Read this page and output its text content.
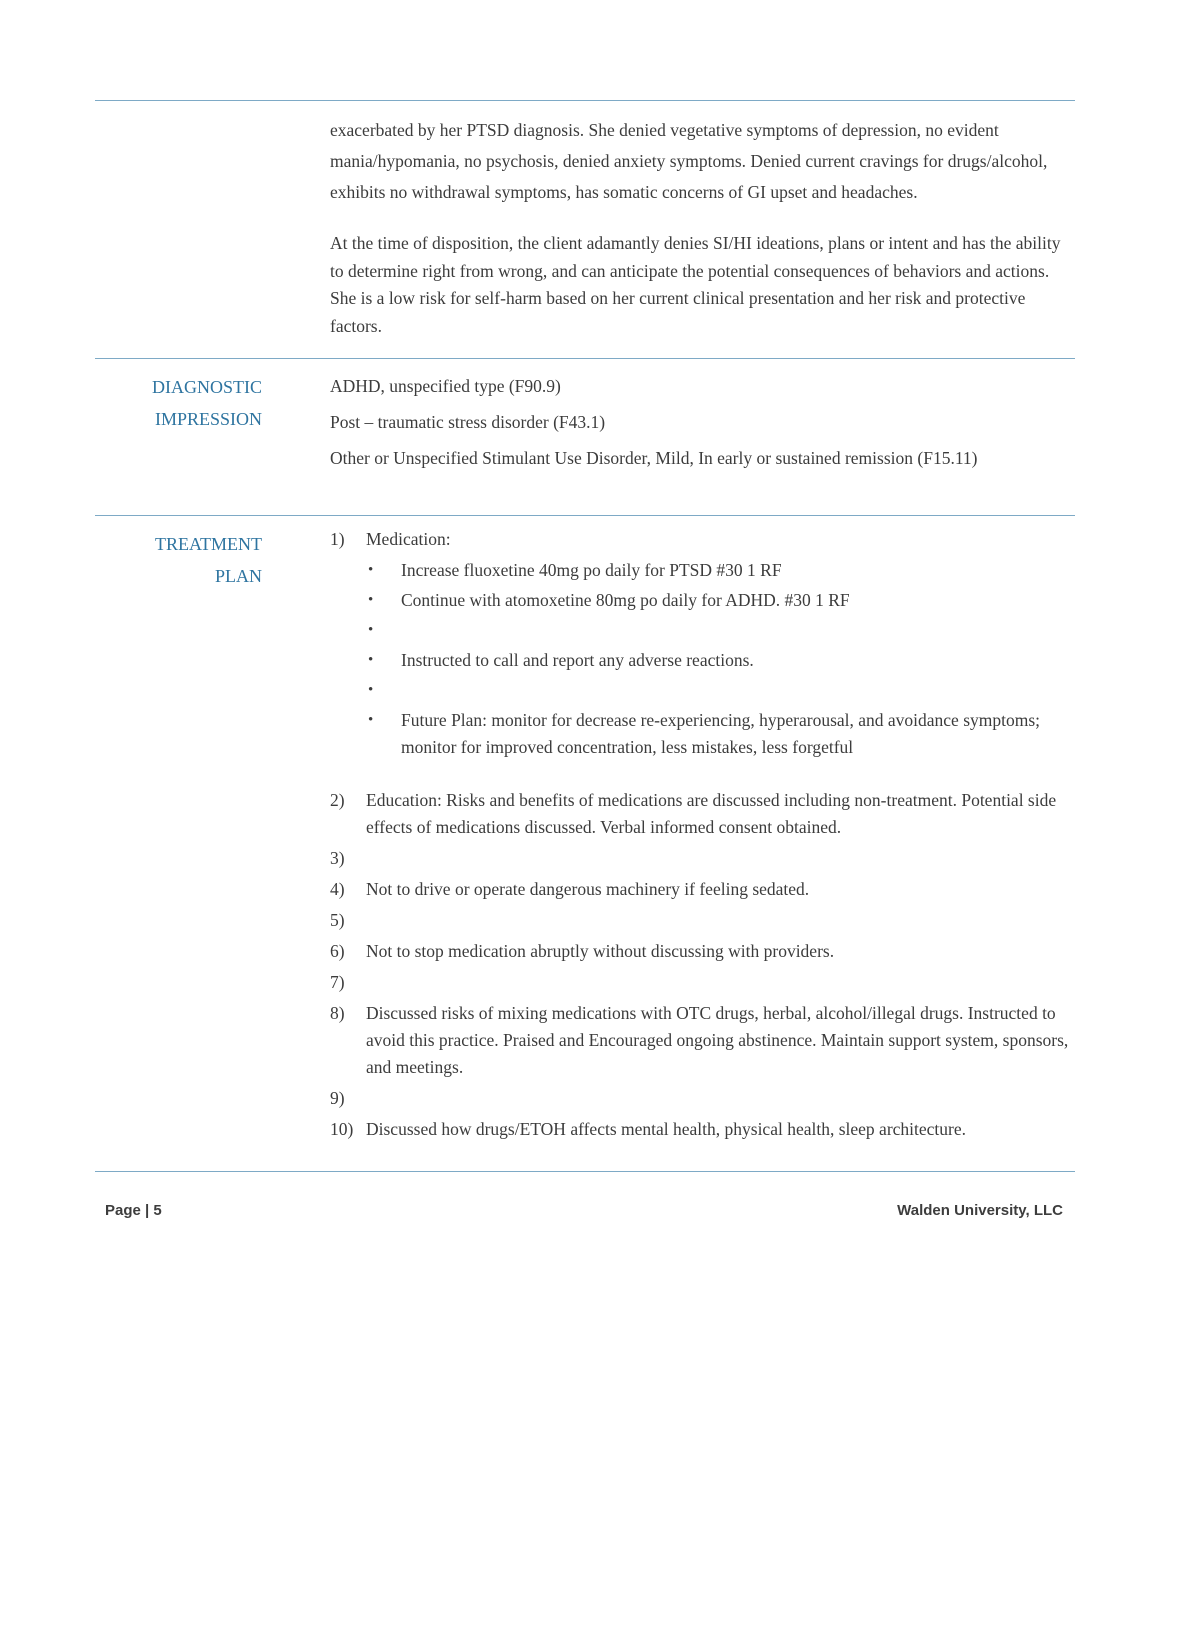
exacerbated by her PTSD diagnosis. She denied vegetative symptoms of depression, no evident mania/hypomania, no psychosis, denied anxiety symptoms. Denied current cravings for drugs/alcohol, exhibits no withdrawal symptoms, has somatic concerns of GI upset and headaches.

At the time of disposition, the client adamantly denies SI/HI ideations, plans or intent and has the ability to determine right from wrong, and can anticipate the potential consequences of behaviors and actions. She is a low risk for self-harm based on her current clinical presentation and her risk and protective factors.

DIAGNOSTIC
IMPRESSION

ADHD, unspecified type (F90.9)

Post – traumatic stress disorder (F43.1)

Other or Unspecified Stimulant Use Disorder, Mild, In early or sustained remission (F15.11)

TREATMENT
PLAN
1)	Medication:
•	Increase fluoxetine 40mg po daily for PTSD #30 1 RF
•	Continue with atomoxetine 80mg po daily for ADHD. #30 1 RF
•
•	Instructed to call and report any adverse reactions.
•
•	Future Plan: monitor for decrease re-experiencing, hyperarousal, and avoidance symptoms; monitor for improved concentration, less mistakes, less forgetful
2)	Education: Risks and benefits of medications are discussed including non-treatment. Potential side effects of medications discussed. Verbal informed consent obtained.
3)
4)	Not to drive or operate dangerous machinery if feeling sedated.
5)
6)	Not to stop medication abruptly without discussing with providers.
7)
8)	Discussed risks of mixing medications with OTC drugs, herbal, alcohol/illegal drugs. Instructed to avoid this practice. Praised and Encouraged ongoing abstinence. Maintain support system, sponsors, and meetings.
9)
10) Discussed how drugs/ETOH affects mental health, physical health, sleep architecture.
Page | 5	Walden University, LLC
